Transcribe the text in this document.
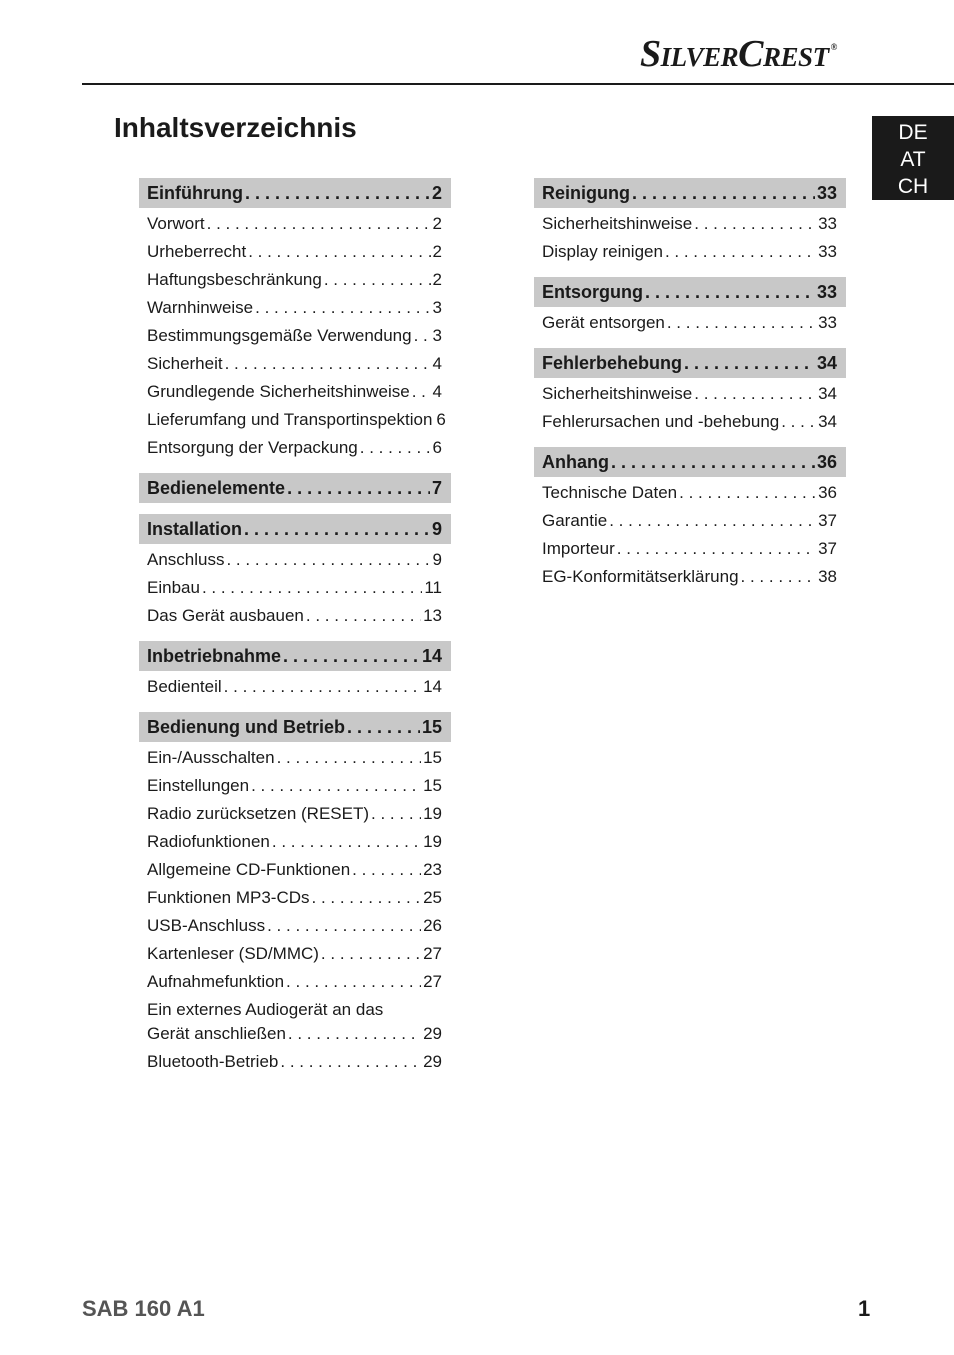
SILVERCREST ®
Inhaltsverzeichnis	DE
AT
CH
Einführung . . .	2
Vorwort . . .	2
Urheberrecht . . .	2
Haftungsbeschränkung . . .	2
Warnhinweise . . .	3
Bestimmungsgemäße Verwendung . . . 3
Sicherheit . . .	4
Grundlegende Sicherheitshinweise . . . 4
Lieferumfang und Transportinspektion 6
Entsorgung der Verpackung . . .	6
Bedienelemente . . .	7
Installation . . .	9
Anschluss . . .	9
Einbau . . .	11
Das Gerät ausbauen . . .	13
Inbetriebnahme . . .	14
Bedienteil . . .	14
Bedienung und Betrieb . . .	15
Ein-/Ausschalten . . .	15
Einstellungen . . .	15
Radio zurücksetzen (RESET) . . .	19
Radiofunktionen . . .	19
Allgemeine CD-Funktionen . . .	23
Funktionen MP3-CDs . . .	25
USB-Anschluss . . .	26
Kartenleser (SD/MMC) . . .	27
Aufnahmefunktion . . .	27
Ein externes Audiogerät an das
Gerät anschließen . . .	29
Bluetooth-Betrieb . . .	29
Reinigung . . .	33
Sicherheitshinweise . . .	33
Display reinigen . . .	33
Entsorgung . . .	33
Gerät entsorgen . . .	33
Fehlerbehebung . . .	34
Sicherheitshinweise . . .	34
Fehlerursachen und -behebung . . . 34
Anhang . . .	36
Technische Daten . . .	36
Garantie . . .	37
Importeur . . .	37
EG-Konformitätserklärung . . .	38
SAB 160 A1	1
